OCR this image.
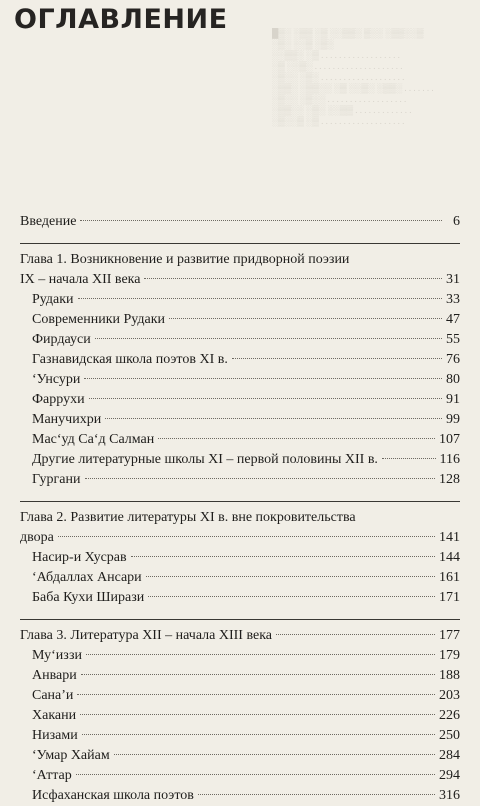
█▒░ ░▒▒ ░▒ ░░▒▒░ ▒░░ ░▒▒░░▒
░▒░ ░░▒ ░▒░
░░▒▒░ ░▒ . . . . . . . . . . . . . . . . . .
░▒ ░░▒░ . . . . . . . . . . . . . . . . . . . .
░▒░░ ░▒░ . . . . . . . . . . . . . . . . . . .
░▒▒░ ░▒▒░░ ░▒ ░░▒░ ░▒▒░ . . . . . . .
░▒░░ ░▒░░ . . . . . . . . . . . . . . . . . .
░▒▒░░ ░▒░ ░░▒▒ . . . . . . . . . . . . .
░▒░░▒ ░▒ . . . . . . . . . . . . . . . . . . .
ОГЛАВЛЕНИЕ
Введение	6
Глава 1. Возникновение и развитие придворной поэзии
IX – начала XII века	31
Рудаки	33
Современники Рудаки	47
Фирдауси	55
Газнавидская школа поэтов XI в.	76
‘Унсури	80
Фаррухи	91
Манучихри	99
Мас‘уд Са‘д Салман	107
Другие литературные школы XI – первой половины XII в.	116
Гургани	128
Глава 2. Развитие литературы XI в. вне покровительства
двора	141
Насир-и Хусрав	144
‘Абдаллах Ансари	161
Баба Кухи Ширази	171
Глава 3. Литература XII – начала XIII века	177
Му‘иззи	179
Анвари	188
Сана’и	203
Хакани	226
Низами	250
‘Умар Хайам	284
‘Аттар	294
Исфаханская школа поэтов	316
